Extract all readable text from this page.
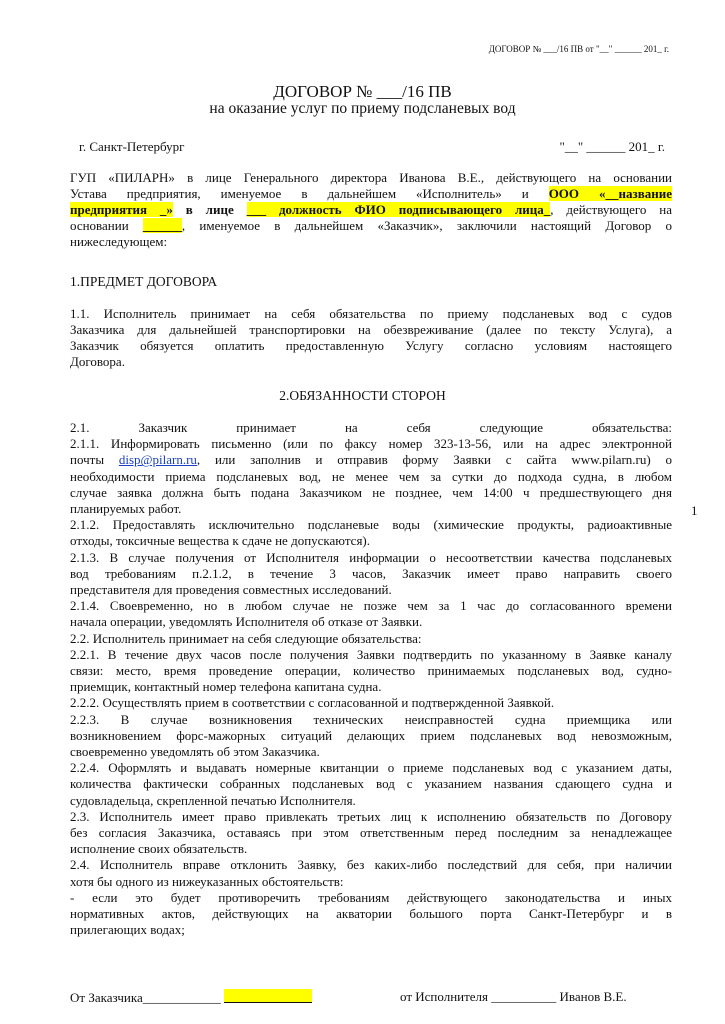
ДОГОВОР № ___/16 ПВ от "__" ______ 201_ г.
ДОГОВОР № ___/16 ПВ
на оказание услуг по приему подсланевых вод
г. Санкт-Петербург	"__" ______ 201_ г.
ГУП «ПИЛАРН» в лице Генерального директора Иванова В.Е., действующего на основании
Устава предприятия, именуемое в дальнейшем «Исполнитель» и ООО «__название
предприятия _» в лице ___ должность ФИО подписывающего лица_, действующего на
основании ______, именуемое в дальнейшем «Заказчик», заключили настоящий Договор о
нижеследующем:
1.ПРЕДМЕТ ДОГОВОРА
1.1. Исполнитель принимает на себя обязательства по приему подсланевых вод с судов
Заказчика для дальнейшей транспортировки на обезвреживание (далее по тексту Услуга), а
Заказчик обязуется оплатить предоставленную Услугу согласно условиям настоящего
Договора.
2.ОБЯЗАННОСТИ СТОРОН
2.1. Заказчик принимает на себя следующие обязательства:
2.1.1. Информировать письменно (или по факсу номер 323-13-56, или на адрес электронной
почты disp@pilarn.ru, или заполнив и отправив форму Заявки с сайта www.pilarn.ru) о
необходимости приема подсланевых вод, не менее чем за сутки до подхода судна, в любом
случае заявка должна быть подана Заказчиком не позднее, чем 14:00 ч предшествующего дня
планируемых работ.
2.1.2. Предоставлять исключительно подсланевые воды (химические продукты, радиоактивные
отходы, токсичные вещества к сдаче не допускаются).
2.1.3. В случае получения от Исполнителя информации о несоответствии качества подсланевых
вод требованиям п.2.1.2, в течение 3 часов, Заказчик имеет право направить своего
представителя для проведения совместных исследований.
2.1.4. Своевременно, но в любом случае не позже чем за 1 час до согласованного времени
начала операции, уведомлять Исполнителя об отказе от Заявки.
2.2. Исполнитель принимает на себя следующие обязательства:
2.2.1. В течение двух часов после получения Заявки подтвердить по указанному в Заявке каналу
связи: место, время проведение операции, количество принимаемых подсланевых вод, судно-
приемщик, контактный номер телефона капитана судна.
2.2.2. Осуществлять прием в соответствии с согласованной и подтвержденной Заявкой.
2.2.3. В случае возникновения технических неисправностей судна приемщика или
возникновением форс-мажорных ситуаций делающих прием подсланевых вод невозможным,
своевременно уведомлять об этом Заказчика.
2.2.4. Оформлять и выдавать номерные квитанции о приеме подсланевых вод с указанием даты,
количества фактически собранных подсланевых вод с указанием названия сдающего судна и
судовладельца, скрепленной печатью Исполнителя.
2.3. Исполнитель имеет право привлекать третьих лиц к исполнению обязательств по Договору
без согласия Заказчика, оставаясь при этом ответственным перед последним за ненадлежащее
исполнение своих обязательств.
2.4. Исполнитель вправе отклонить Заявку, без каких-либо последствий для себя, при наличии
хотя бы одного из нижеуказанных обстоятельств:
- если это будет противоречить требованиям действующего законодательства и иных
нормативных актов, действующих на акватории большого порта Санкт-Петербург и в
прилегающих водах;
1
От Заказчика____________	от Исполнителя __________ Иванов В.Е.
